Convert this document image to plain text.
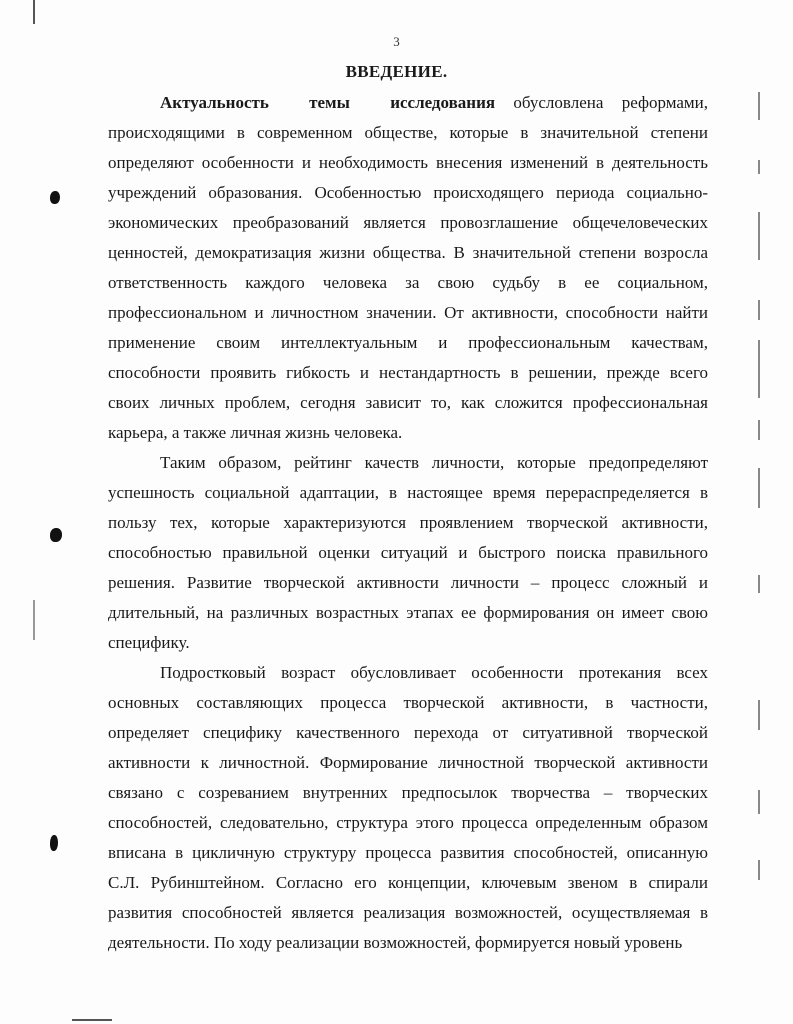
3
ВВЕДЕНИЕ.

Актуальность темы исследования обусловлена реформами, происходящими в современном обществе, которые в значительной степени определяют особенности и необходимость внесения изменений в деятельность учреждений образования. Особенностью происходящего периода социально-экономических преобразований является провозглашение общечеловеческих ценностей, демократизация жизни общества. В значительной степени возросла ответственность каждого человека за свою судьбу в ее социальном, профессиональном и личностном значении. От активности, способности найти применение своим интеллектуальным и профессиональным качествам, способности проявить гибкость и нестандартность в решении, прежде всего своих личных проблем, сегодня зависит то, как сложится профессиональная карьера, а также личная жизнь человека.

Таким образом, рейтинг качеств личности, которые предопределяют успешность социальной адаптации, в настоящее время перераспределяется в пользу тех, которые характеризуются проявлением творческой активности, способностью правильной оценки ситуаций и быстрого поиска правильного решения. Развитие творческой активности личности – процесс сложный и длительный, на различных возрастных этапах ее формирования он имеет свою специфику.

Подростковый возраст обусловливает особенности протекания всех основных составляющих процесса творческой активности, в частности, определяет специфику качественного перехода от ситуативной творческой активности к личностной. Формирование личностной творческой активности связано с созреванием внутренних предпосылок творчества – творческих способностей, следовательно, структура этого процесса определенным образом вписана в цикличную структуру процесса развития способностей, описанную С.Л. Рубинштейном. Согласно его концепции, ключевым звеном в спирали развития способностей является реализация возможностей, осуществляемая в деятельности. По ходу реализации возможностей, формируется новый уровень
